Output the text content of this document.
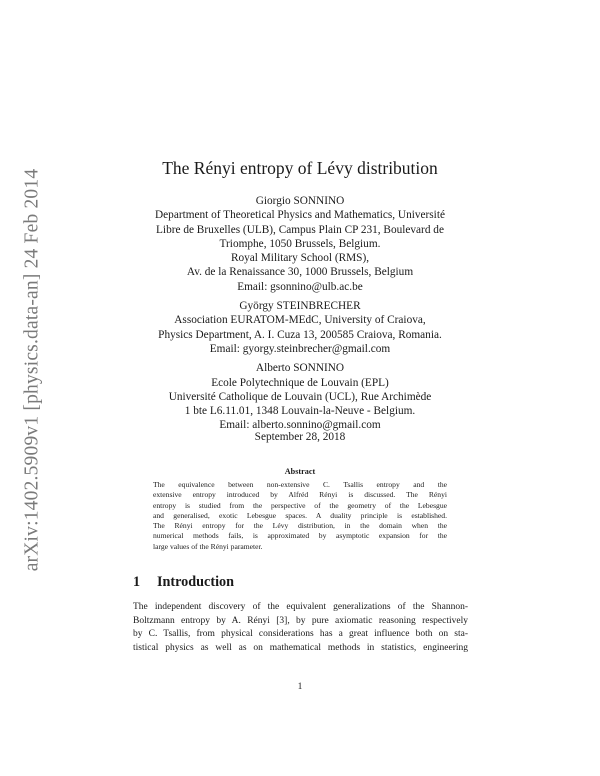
arXiv:1402.5909v1 [physics.data-an] 24 Feb 2014
The Rényi entropy of Lévy distribution
Giorgio SONNINO
Department of Theoretical Physics and Mathematics, Université
Libre de Bruxelles (ULB), Campus Plain CP 231, Boulevard de
Triomphe, 1050 Brussels, Belgium.
Royal Military School (RMS),
Av. de la Renaissance 30, 1000 Brussels, Belgium
Email: gsonnino@ulb.ac.be
György STEINBRECHER
Association EURATOM-MEdC, University of Craiova,
Physics Department, A. I. Cuza 13, 200585 Craiova, Romania.
Email: gyorgy.steinbrecher@gmail.com
Alberto SONNINO
Ecole Polytechnique de Louvain (EPL)
Université Catholique de Louvain (UCL), Rue Archimède
1 bte L6.11.01, 1348 Louvain-la-Neuve - Belgium.
Email: alberto.sonnino@gmail.com
September 28, 2018
Abstract
The equivalence between non-extensive C. Tsallis entropy and the
extensive entropy introduced by Alfréd Rényi is discussed. The Rényi
entropy is studied from the perspective of the geometry of the Lebesgue
and generalised, exotic Lebesgue spaces. A duality principle is established.
The Rényi entropy for the Lévy distribution, in the domain when the
numerical methods fails, is approximated by asymptotic expansion for the
large values of the Rényi parameter.
1 Introduction
The independent discovery of the equivalent generalizations of the Shannon-
Boltzmann entropy by A. Rényi [3], by pure axiomatic reasoning respectively
by C. Tsallis, from physical considerations has a great influence both on sta-
tistical physics as well as on mathematical methods in statistics, engineering
1
